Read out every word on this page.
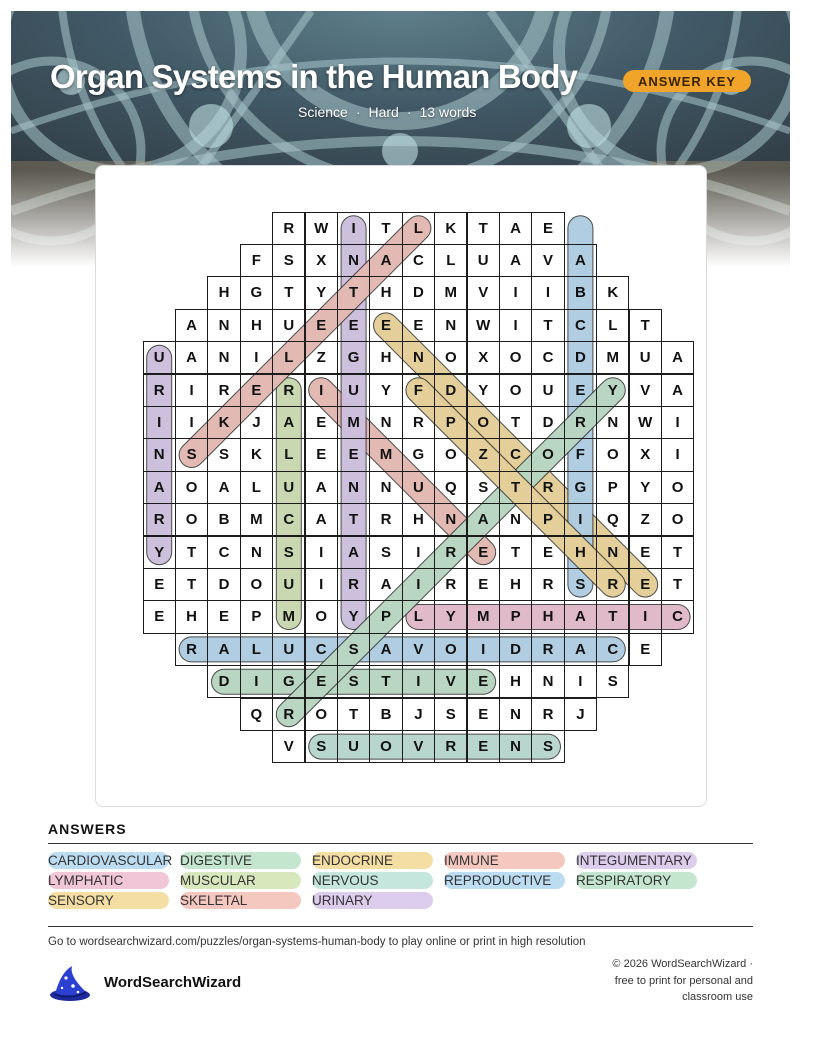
Organ Systems in the Human Body	ANSWER KEY
Science · Hard · 13 words
R	W	I	T	L	K	T	A	E
F	S	X	N	A	C	L	U	A	V	A
H	G	T	Y	T	H	D	M	V	I	I	B	K
A	N	H	U	E	E	E	E	N	W	I	T	C	L	T
U	A	N	I	L	Z	G	H	N	O	X	O	C	D	M	U	A
R	I	R	E	R	I	U	Y	F	D	Y	O	U	E	Y	V	A
I	I	K	J	A	E	M	N	R	P	O	T	D	R	N	W	I
N	S	S	K	L	E	E	M	G	O	Z	C	O	F	O	X	I
A	O	A	L	U	A	N	N	U	Q	S	T	R	G	P	Y	O
R	O	B	M	C	A	T	R	H	N	A	N	P	I	Q	Z	O
Y	T	C	N	S	I	A	S	I	R	E	T	E	H	N	E	T
E	T	D	O	U	I	R	A	I	R	E	H	R	S	R	E	T
E	H	E	P	M	O	Y	P	L	Y	M	P	H	A	T	I	C
R	A	L	U	C	S	A	V	O	I	D	R	A	C	E
D	I	G	E	S	T	I	V	E	H	N	I	S
Q	R	O	T	B	J	S	E	N	R	J
V	S	U	O	V	R	E	N	S
ANSWERS
CARDIOVASCULAR DIGESTIVE	ENDOCRINE	IMMUNE	INTEGUMENTARY
LYMPHATIC	MUSCULAR	NERVOUS	REPRODUCTIVE	RESPIRATORY
SENSORY	SKELETAL	URINARY
Go to wordsearchwizard.com/puzzles/organ-systems-human-body to play online or print in high resolution
WordSearchWizard
© 2026 WordSearchWizard ·
free to print for personal and
classroom use
